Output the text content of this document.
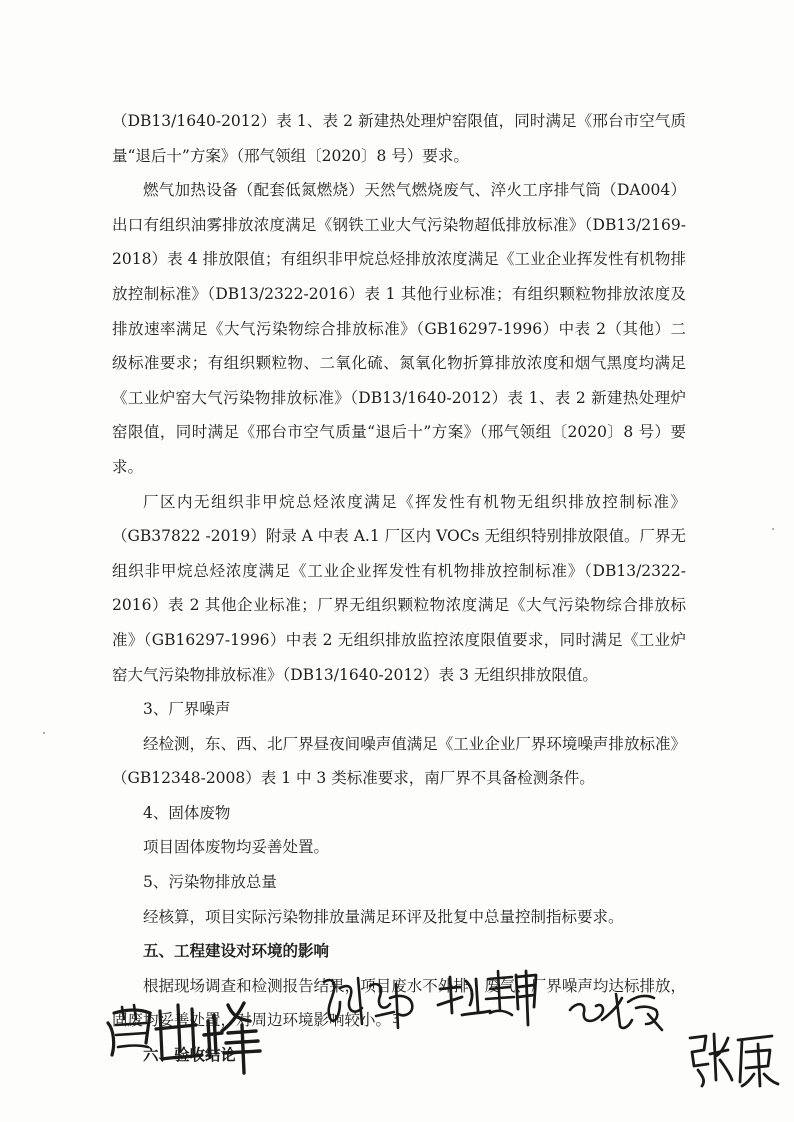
（DB13/1640-2012）表 1、表 2 新建热处理炉窑限值，同时满足《邢台市空气质量“退后十”方案》（邢气领组〔2020〕8 号）要求。

燃气加热设备（配套低氮燃烧）天然气燃烧废气、淬火工序排气筒（DA004）出口有组织油雾排放浓度满足《钢铁工业大气污染物超低排放标准》（DB13/2169-2018）表 4 排放限值；有组织非甲烷总烃排放浓度满足《工业企业挥发性有机物排放控制标准》（DB13/2322-2016）表 1 其他行业标准；有组织颗粒物排放浓度及排放速率满足《大气污染物综合排放标准》（GB16297-1996）中表 2（其他）二级标准要求；有组织颗粒物、二氧化硫、氮氧化物折算排放浓度和烟气黑度均满足《工业炉窑大气污染物排放标准》（DB13/1640-2012）表 1、表 2 新建热处理炉窑限值，同时满足《邢台市空气质量“退后十”方案》（邢气领组〔2020〕8 号）要求。

厂区内无组织非甲烷总烃浓度满足《挥发性有机物无组织排放控制标准》（GB37822 -2019）附录 A 中表 A.1 厂区内 VOCs 无组织特别排放限值。厂界无组织非甲烷总烃浓度满足《工业企业挥发性有机物排放控制标准》（DB13/2322-2016）表 2 其他企业标准；厂界无组织颗粒物浓度满足《大气污染物综合排放标准》（GB16297-1996）中表 2 无组织排放监控浓度限值要求，同时满足《工业炉窑大气污染物排放标准》（DB13/1640-2012）表 3 无组织排放限值。

3、厂界噪声

经检测，东、西、北厂界昼夜间噪声值满足《工业企业厂界环境噪声排放标准》（GB12348-2008）表 1 中 3 类标准要求，南厂界不具备检测条件。

4、固体废物

项目固体废物均妥善处置。

5、污染物排放总量

经核算，项目实际污染物排放量满足环评及批复中总量控制指标要求。

五、工程建设对环境的影响

根据现场调查和检测报告结果，项目废水不外排，废气、厂界噪声均达标排放，固废均妥善处置，对周边环境影响较小。

六、验收结论

3
